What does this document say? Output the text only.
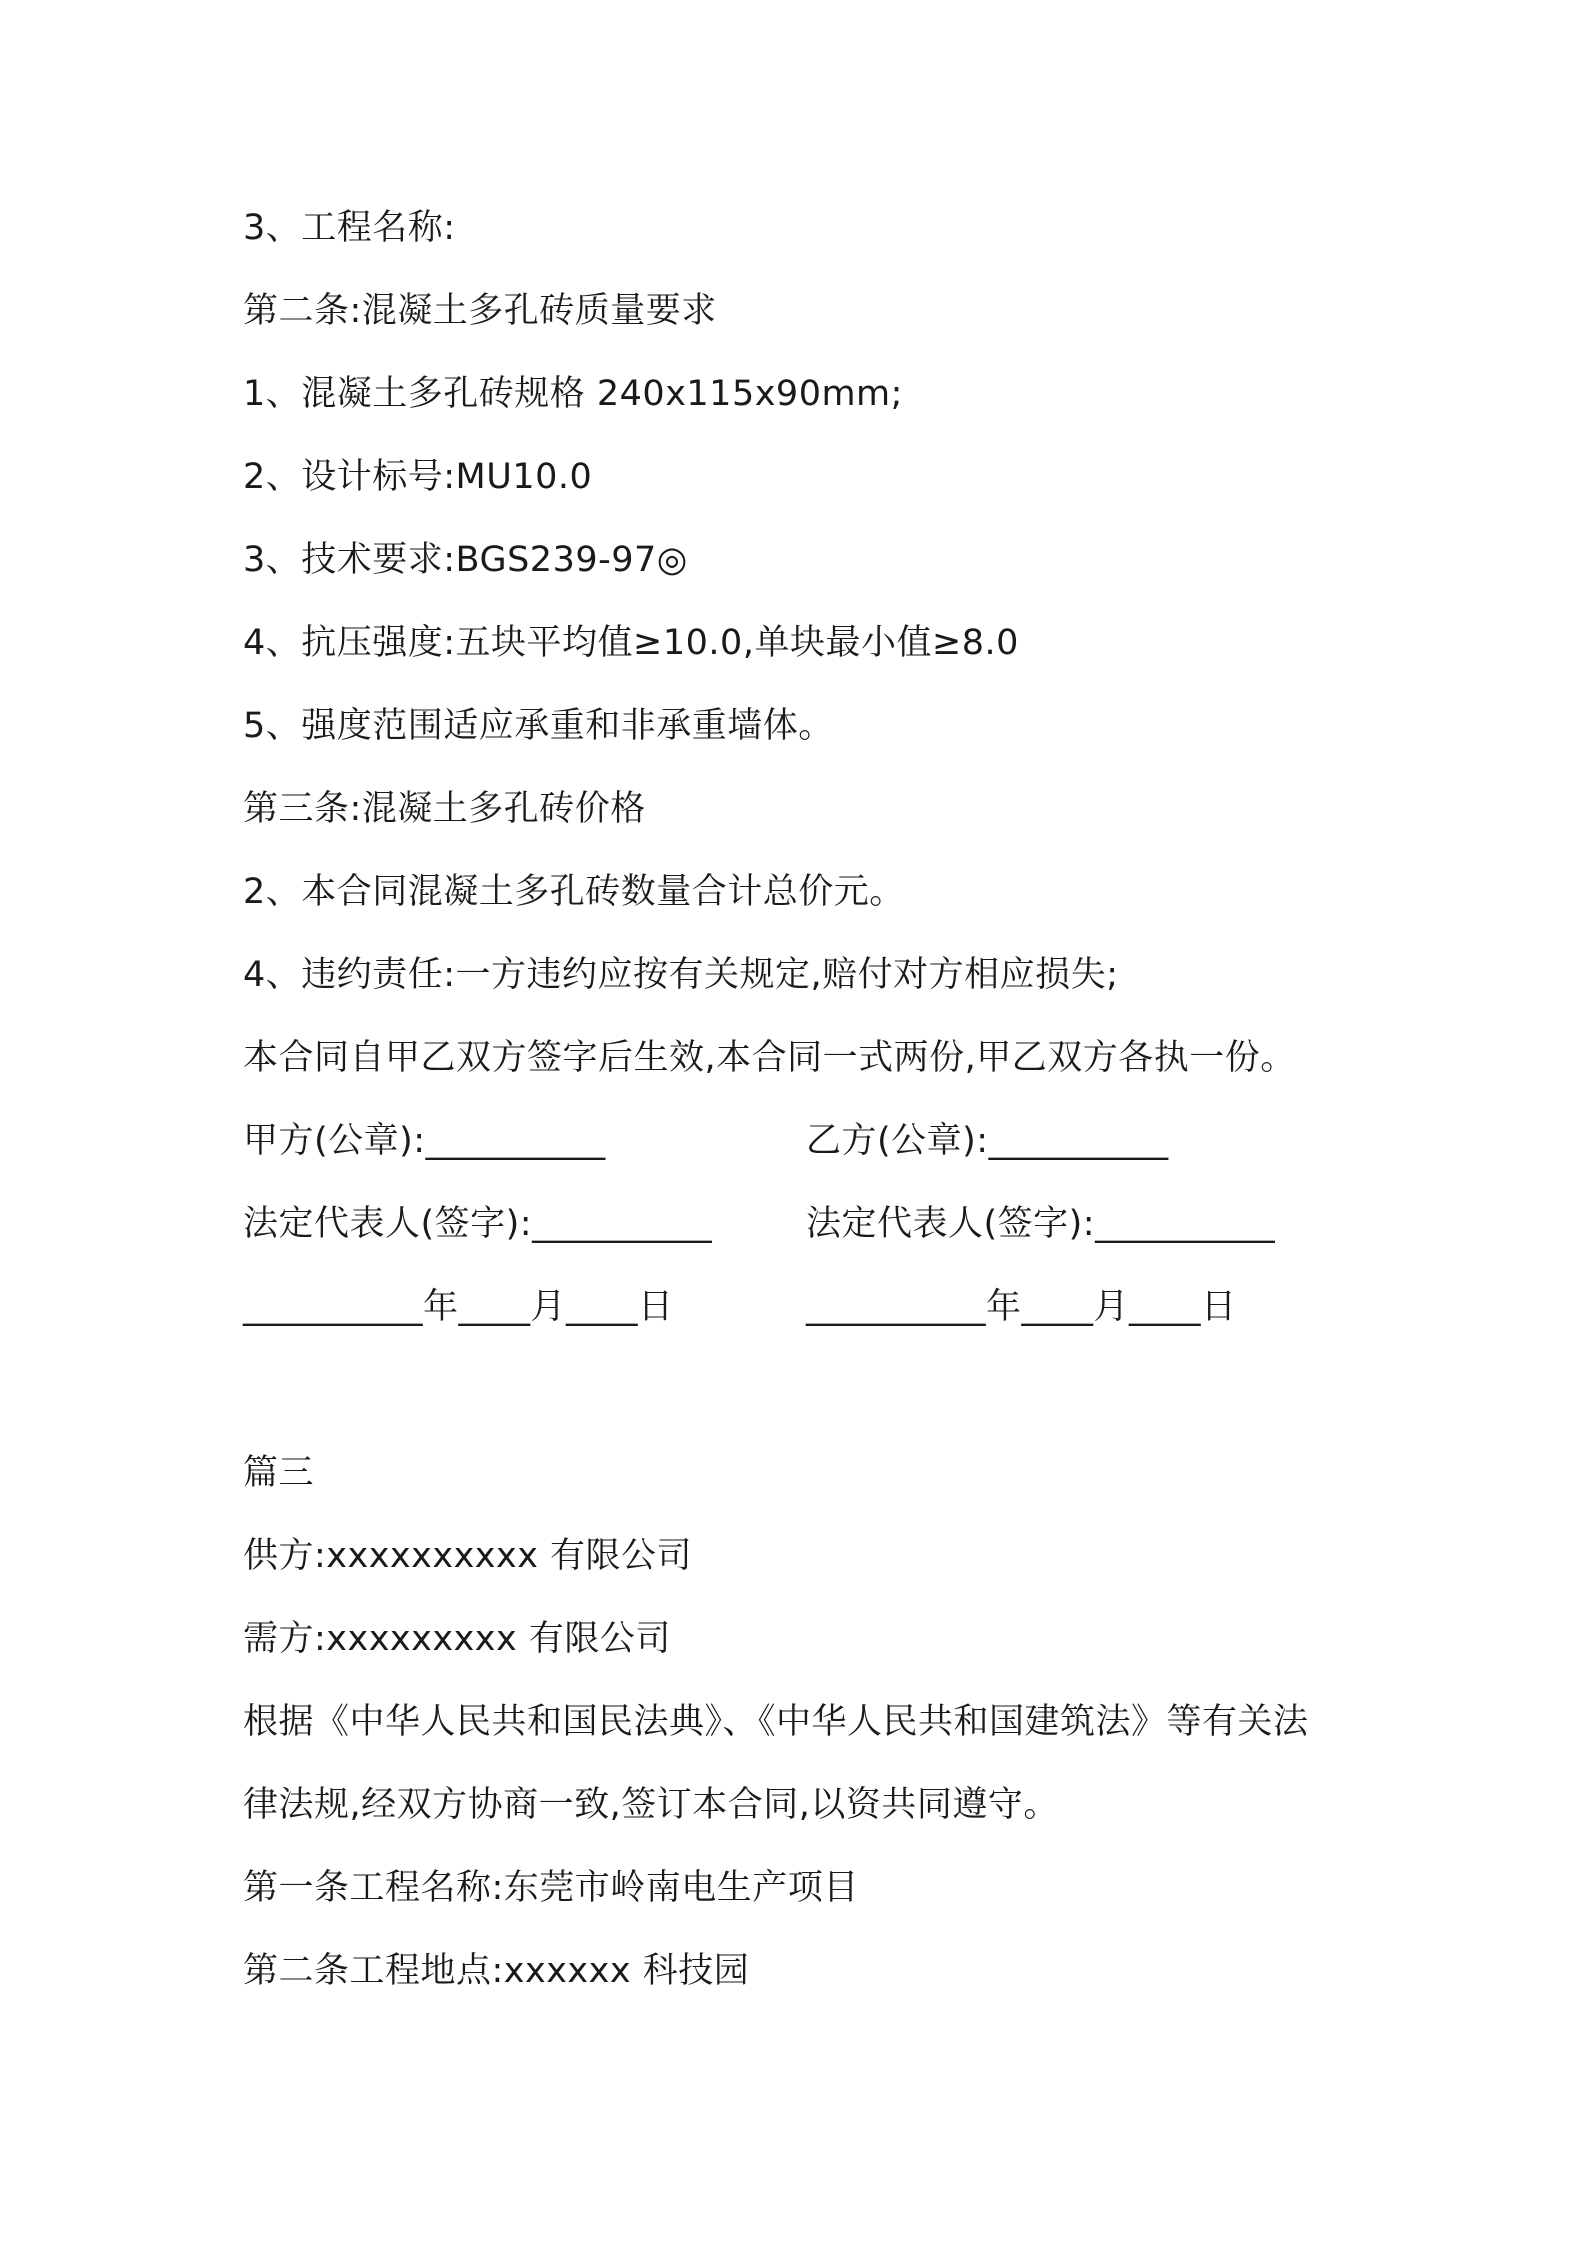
3、工程名称:
第二条:混凝土多孔砖质量要求
1、混凝土多孔砖规格 240x115x90mm;
2、设计标号:MU10.0
3、技术要求:BGS239-97◎
4、抗压强度:五块平均值≥10.0,单块最小值≥8.0
5、强度范围适应承重和非承重墙体。
第三条:混凝土多孔砖价格
2、本合同混凝土多孔砖数量合计总价元。
4、违约责任:一方违约应按有关规定,赔付对方相应损失;
本合同自甲乙双方签字后生效,本合同一式两份,甲乙双方各执一份。
甲方(公章):__________	乙方(公章):__________
法定代表人(签字):__________	法定代表人(签字):__________
__________年____月____日	__________年____月____日
篇三
供方:xxxxxxxxxx 有限公司
需方:xxxxxxxxx 有限公司
根据《中华人民共和国民法典》、《中华人民共和国建筑法》等有关法
律法规,经双方协商一致,签订本合同,以资共同遵守。
第一条工程名称:东莞市岭南电生产项目
第二条工程地点:xxxxxx 科技园
